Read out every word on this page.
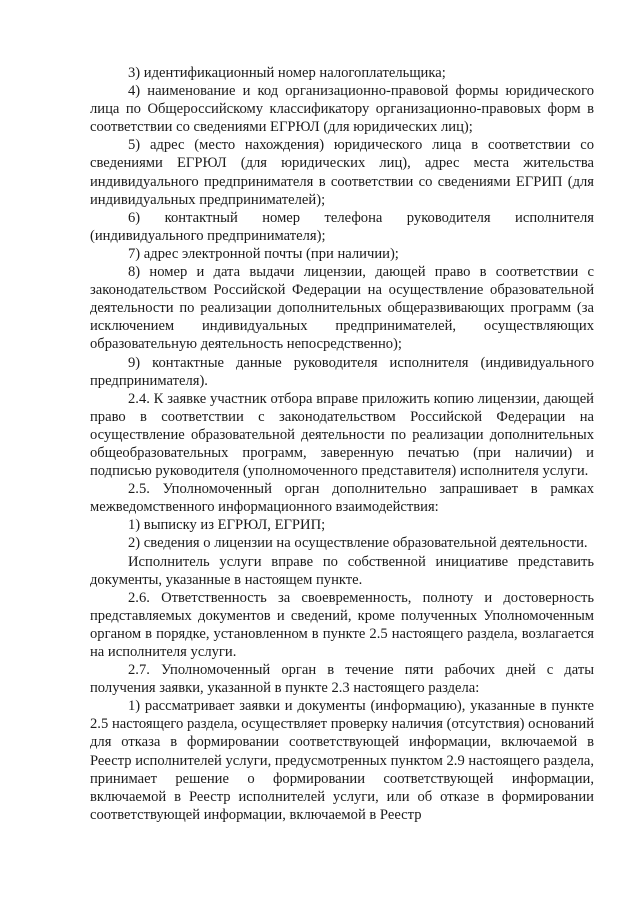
3) идентификационный номер налогоплательщика;

4) наименование и код организационно-правовой формы юридического лица по Общероссийскому классификатору организационно-правовых форм в соответствии со сведениями ЕГРЮЛ (для юридических лиц);

5) адрес (место нахождения) юридического лица в соответствии со сведениями ЕГРЮЛ (для юридических лиц), адрес места жительства индивидуального предпринимателя в соответствии со сведениями ЕГРИП (для индивидуальных предпринимателей);

6) контактный номер телефона руководителя исполнителя (индивидуального предпринимателя);

7) адрес электронной почты (при наличии);

8) номер и дата выдачи лицензии, дающей право в соответствии с законодательством Российской Федерации на осуществление образовательной деятельности по реализации дополнительных общеразвивающих программ (за исключением индивидуальных предпринимателей, осуществляющих образовательную деятельность непосредственно);

9) контактные данные руководителя исполнителя (индивидуального предпринимателя).

2.4. К заявке участник отбора вправе приложить копию лицензии, дающей право в соответствии с законодательством Российской Федерации на осуществление образовательной деятельности по реализации дополнительных общеобразовательных программ, заверенную печатью (при наличии) и подписью руководителя (уполномоченного представителя) исполнителя услуги.

2.5. Уполномоченный орган дополнительно запрашивает в рамках межведомственного информационного взаимодействия:

1) выписку из ЕГРЮЛ, ЕГРИП;

2) сведения о лицензии на осуществление образовательной деятельности.

Исполнитель услуги вправе по собственной инициативе представить документы, указанные в настоящем пункте.

2.6. Ответственность за своевременность, полноту и достоверность представляемых документов и сведений, кроме полученных Уполномоченным органом в порядке, установленном в пункте 2.5 настоящего раздела, возлагается на исполнителя услуги.

2.7. Уполномоченный орган в течение пяти рабочих дней с даты получения заявки, указанной в пункте 2.3 настоящего раздела:

1) рассматривает заявки и документы (информацию), указанные в пункте 2.5 настоящего раздела, осуществляет проверку наличия (отсутствия) оснований для отказа в формировании соответствующей информации, включаемой в Реестр исполнителей услуги, предусмотренных пунктом 2.9 настоящего раздела, принимает решение о формировании соответствующей информации, включаемой в Реестр исполнителей услуги, или об отказе в формировании соответствующей информации, включаемой в Реестр
